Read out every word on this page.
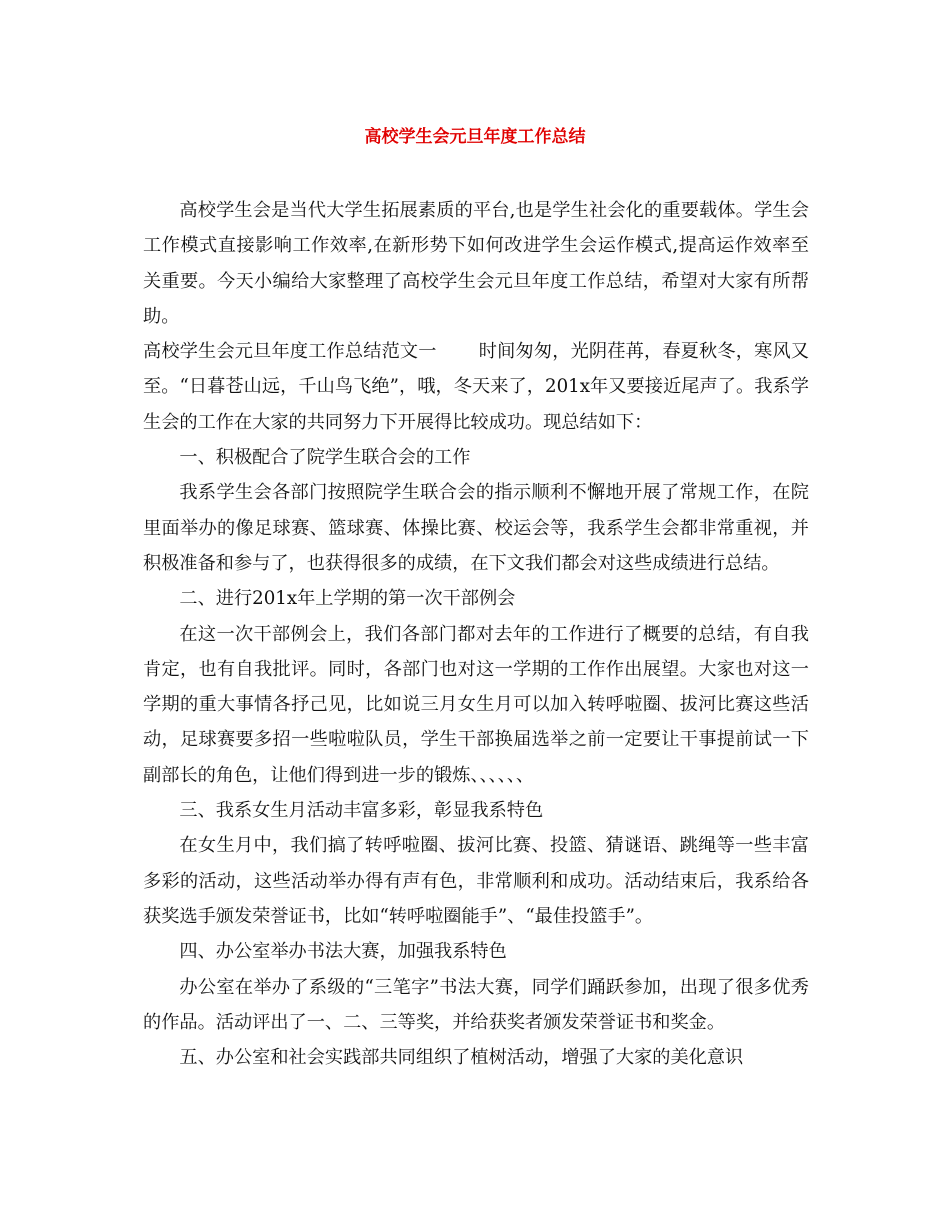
高校学生会元旦年度工作总结

高校学生会是当代大学生拓展素质的平台,也是学生社会化的重要载体。学生会工作模式直接影响工作效率,在新形势下如何改进学生会运作模式,提高运作效率至关重要。今天小编给大家整理了高校学生会元旦年度工作总结，希望对大家有所帮助。

高校学生会元旦年度工作总结范文一 时间匆匆，光阴荏苒，春夏秋冬，寒风又至。“日暮苍山远，千山鸟飞绝”，哦，冬天来了，201x年又要接近尾声了。我系学生会的工作在大家的共同努力下开展得比较成功。现总结如下：

一、积极配合了院学生联合会的工作

我系学生会各部门按照院学生联合会的指示顺利不懈地开展了常规工作，在院里面举办的像足球赛、篮球赛、体操比赛、校运会等，我系学生会都非常重视，并积极准备和参与了，也获得很多的成绩，在下文我们都会对这些成绩进行总结。

二、进行201x年上学期的第一次干部例会

在这一次干部例会上，我们各部门都对去年的工作进行了概要的总结，有自我肯定，也有自我批评。同时，各部门也对这一学期的工作作出展望。大家也对这一学期的重大事情各抒己见，比如说三月女生月可以加入转呼啦圈、拔河比赛这些活动，足球赛要多招一些啦啦队员，学生干部换届选举之前一定要让干事提前试一下副部长的角色，让他们得到进一步的锻炼、、、、、、

三、我系女生月活动丰富多彩，彰显我系特色

在女生月中，我们搞了转呼啦圈、拔河比赛、投篮、猜谜语、跳绳等一些丰富多彩的活动，这些活动举办得有声有色，非常顺利和成功。活动结束后，我系给各获奖选手颁发荣誉证书，比如“转呼啦圈能手”、“最佳投篮手”。

四、办公室举办书法大赛，加强我系特色

办公室在举办了系级的“三笔字”书法大赛，同学们踊跃参加，出现了很多优秀的作品。活动评出了一、二、三等奖，并给获奖者颁发荣誉证书和奖金。

五、办公室和社会实践部共同组织了植树活动，增强了大家的美化意识
